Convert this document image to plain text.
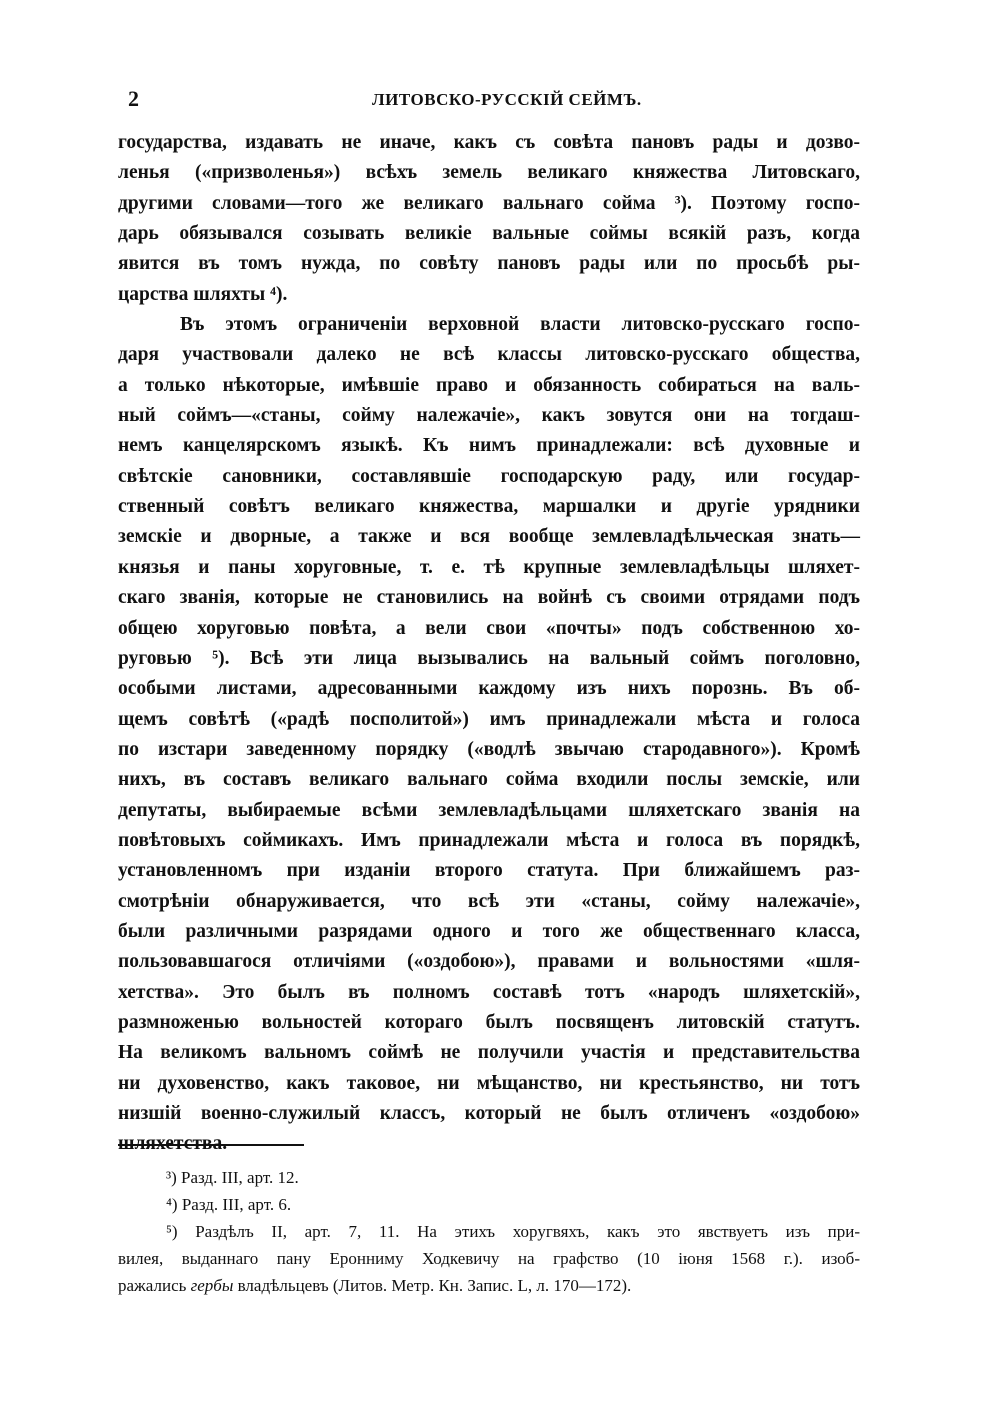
2	ЛИТОВСКО-РУССКІЙ СЕЙМЪ.
государства, издавать не иначе, какъ съ совѣта пановъ рады и дозво-
ленья («призволенья») всѣхъ земель великаго княжества Литовскаго,
другими словами—того же великаго вальнаго сойма ³). Поэтому госпо-
дарь обязывался созывать великіе вальные соймы всякій разъ, когда
явится въ томъ нужда, по совѣту пановъ рады или по просьбѣ ры-
царства шляхты ⁴).
Въ этомъ ограниченіи верховной власти литовско-русскаго госпо-
даря участвовали далеко не всѣ классы литовско-русскаго общества,
а только нѣкоторые, имѣвшіе право и обязанность собираться на валь-
ный соймъ—«станы, сойму належачіе», какъ зовутся они на тогдаш-
немъ канцелярскомъ языкѣ. Къ нимъ принадлежали: всѣ духовные и
свѣтскіе сановники, составлявшіе господарскую раду, или государ-
ственный совѣтъ великаго княжества, маршалки и другіе урядники
земскіе и дворные, а также и вся вообще землевладѣльческая знать—
князья и паны хоруговные, т. е. тѣ крупные землевладѣльцы шляхет-
скаго званія, которые не становились на войнѣ съ своими отрядами подъ
общею хоруговью повѣта, а вели свои «почты» подъ собственною хо-
руговью ⁵). Всѣ эти лица вызывались на вальный соймъ поголовно,
особыми листами, адресованными каждому изъ нихъ порознь. Въ об-
щемъ совѣтѣ («радѣ посполитой») имъ принадлежали мѣста и голоса
по изстари заведенному порядку («водлѣ звычаю стародавного»). Кромѣ
нихъ, въ составъ великаго вальнаго сойма входили послы земскіе, или
депутаты, выбираемые всѣми землевладѣльцами шляхетскаго званія на
повѣтовыхъ соймикахъ. Имъ принадлежали мѣста и голоса въ порядкѣ,
установленномъ при изданіи второго статута. При ближайшемъ раз-
смотрѣніи обнаруживается, что всѣ эти «станы, сойму належачіе»,
были различными разрядами одного и того же общественнаго класса,
пользовавшагося отличіями («оздобою»), правами и вольностями «шля-
хетства». Это былъ въ полномъ составѣ тотъ «народъ шляхетскій»,
размноженью вольностей котораго былъ посвященъ литовскій статутъ.
На великомъ вальномъ соймѣ не получили участія и представительства
ни духовенство, какъ таковое, ни мѣщанство, ни крестьянство, ни тотъ
низшій военно-служилый классъ, который не былъ отличенъ «оздобою»
шляхетства.
³) Разд. III, арт. 12.
⁴) Разд. III, арт. 6.
⁵) Раздѣлъ II, арт. 7, 11. На этихъ хоругвяхъ, какъ это явствуетъ изъ при-
вилея, выданнаго пану Еронниму Ходкевичу на графство (10 іюня 1568 г.). изоб-
ражались гербы владѣльцевъ (Литов. Метр. Кн. Запис. L, л. 170—172).
